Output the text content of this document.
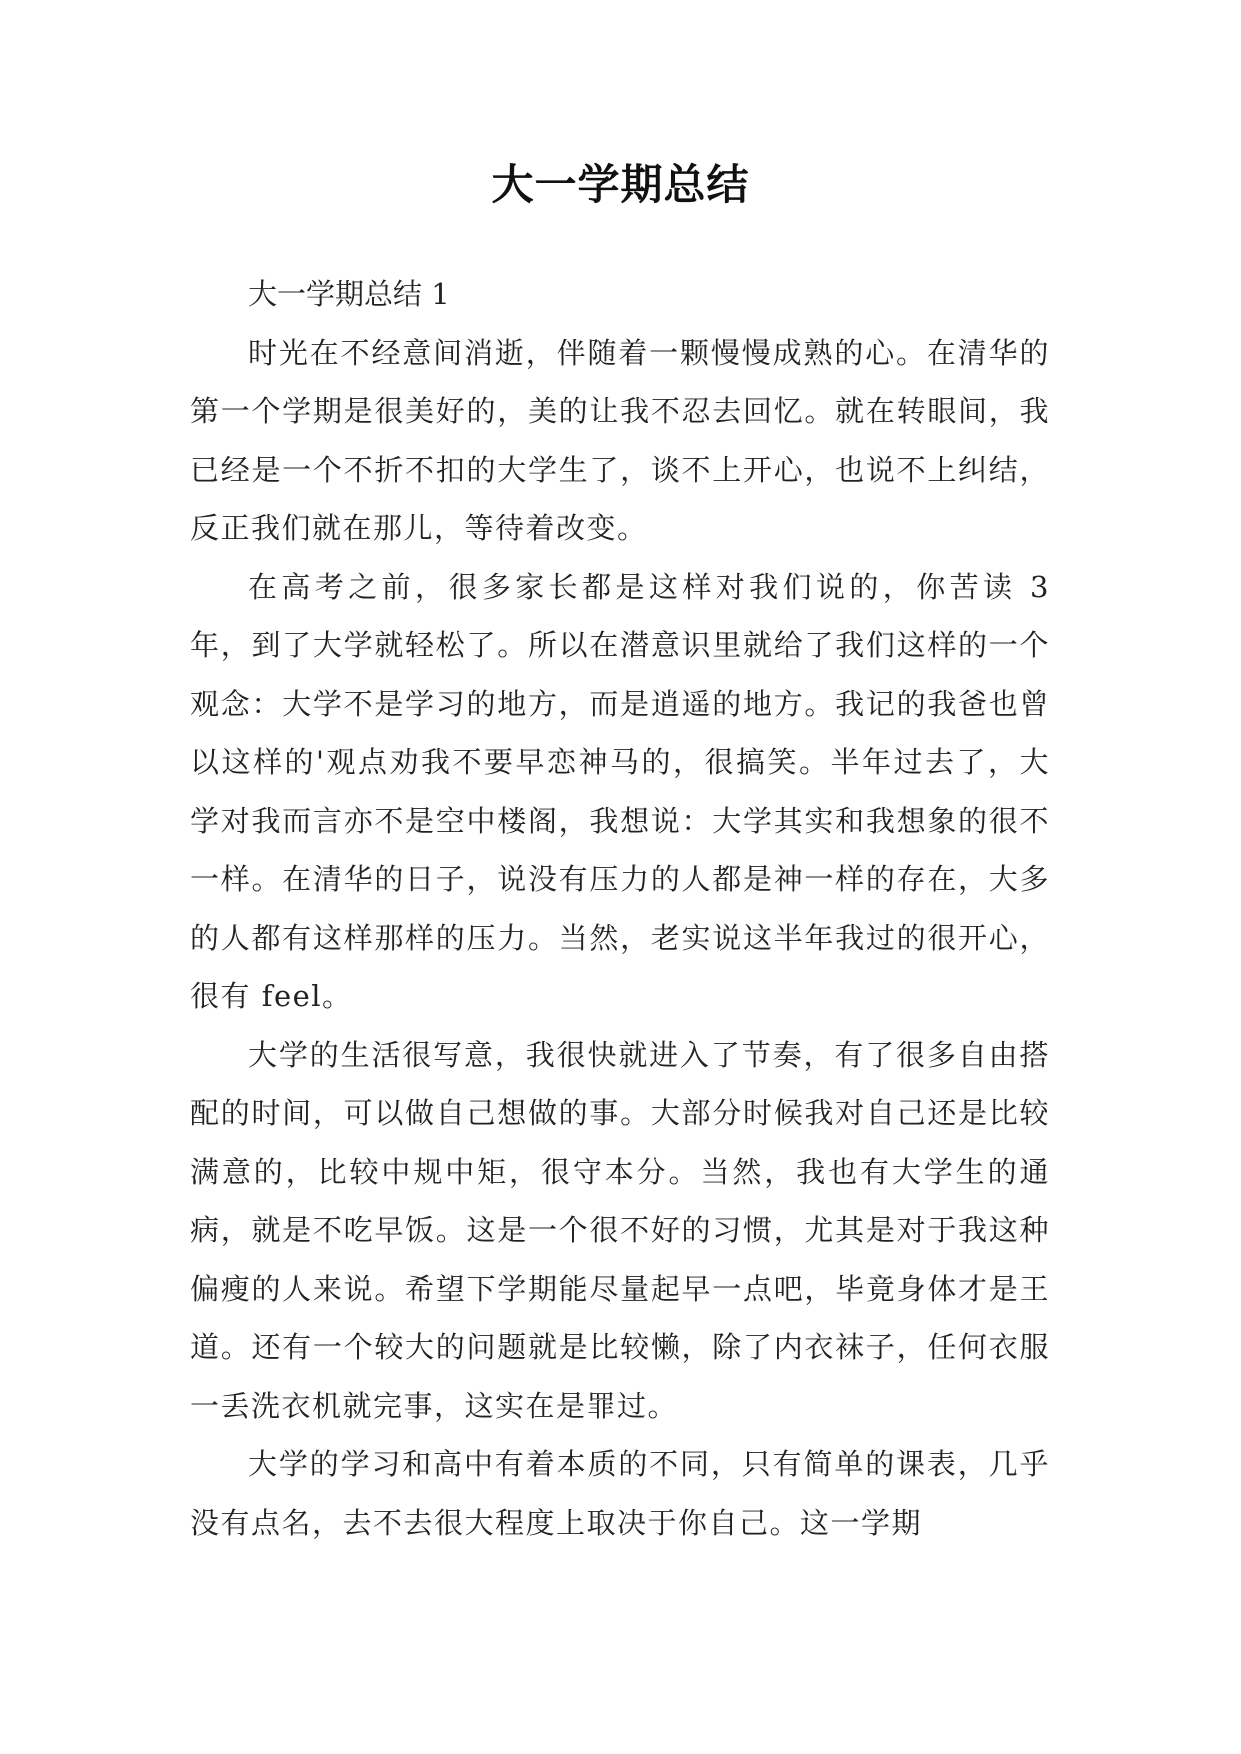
大一学期总结
大一学期总结 1

时光在不经意间消逝，伴随着一颗慢慢成熟的心。在清华的第一个学期是很美好的，美的让我不忍去回忆。就在转眼间，我已经是一个不折不扣的大学生了，谈不上开心，也说不上纠结，反正我们就在那儿，等待着改变。

在高考之前，很多家长都是这样对我们说的，你苦读 3 年，到了大学就轻松了。所以在潜意识里就给了我们这样的一个观念：大学不是学习的地方，而是逍遥的地方。我记的我爸也曾以这样的'观点劝我不要早恋神马的，很搞笑。半年过去了，大学对我而言亦不是空中楼阁，我想说：大学其实和我想象的很不一样。在清华的日子，说没有压力的人都是神一样的存在，大多的人都有这样那样的压力。当然，老实说这半年我过的很开心，很有 feel。

大学的生活很写意，我很快就进入了节奏，有了很多自由搭配的时间，可以做自己想做的事。大部分时候我对自己还是比较满意的，比较中规中矩，很守本分。当然，我也有大学生的通病，就是不吃早饭。这是一个很不好的习惯，尤其是对于我这种偏瘦的人来说。希望下学期能尽量起早一点吧，毕竟身体才是王道。还有一个较大的问题就是比较懒，除了内衣袜子，任何衣服一丢洗衣机就完事，这实在是罪过。

大学的学习和高中有着本质的不同，只有简单的课表，几乎没有点名，去不去很大程度上取决于你自己。这一学期
